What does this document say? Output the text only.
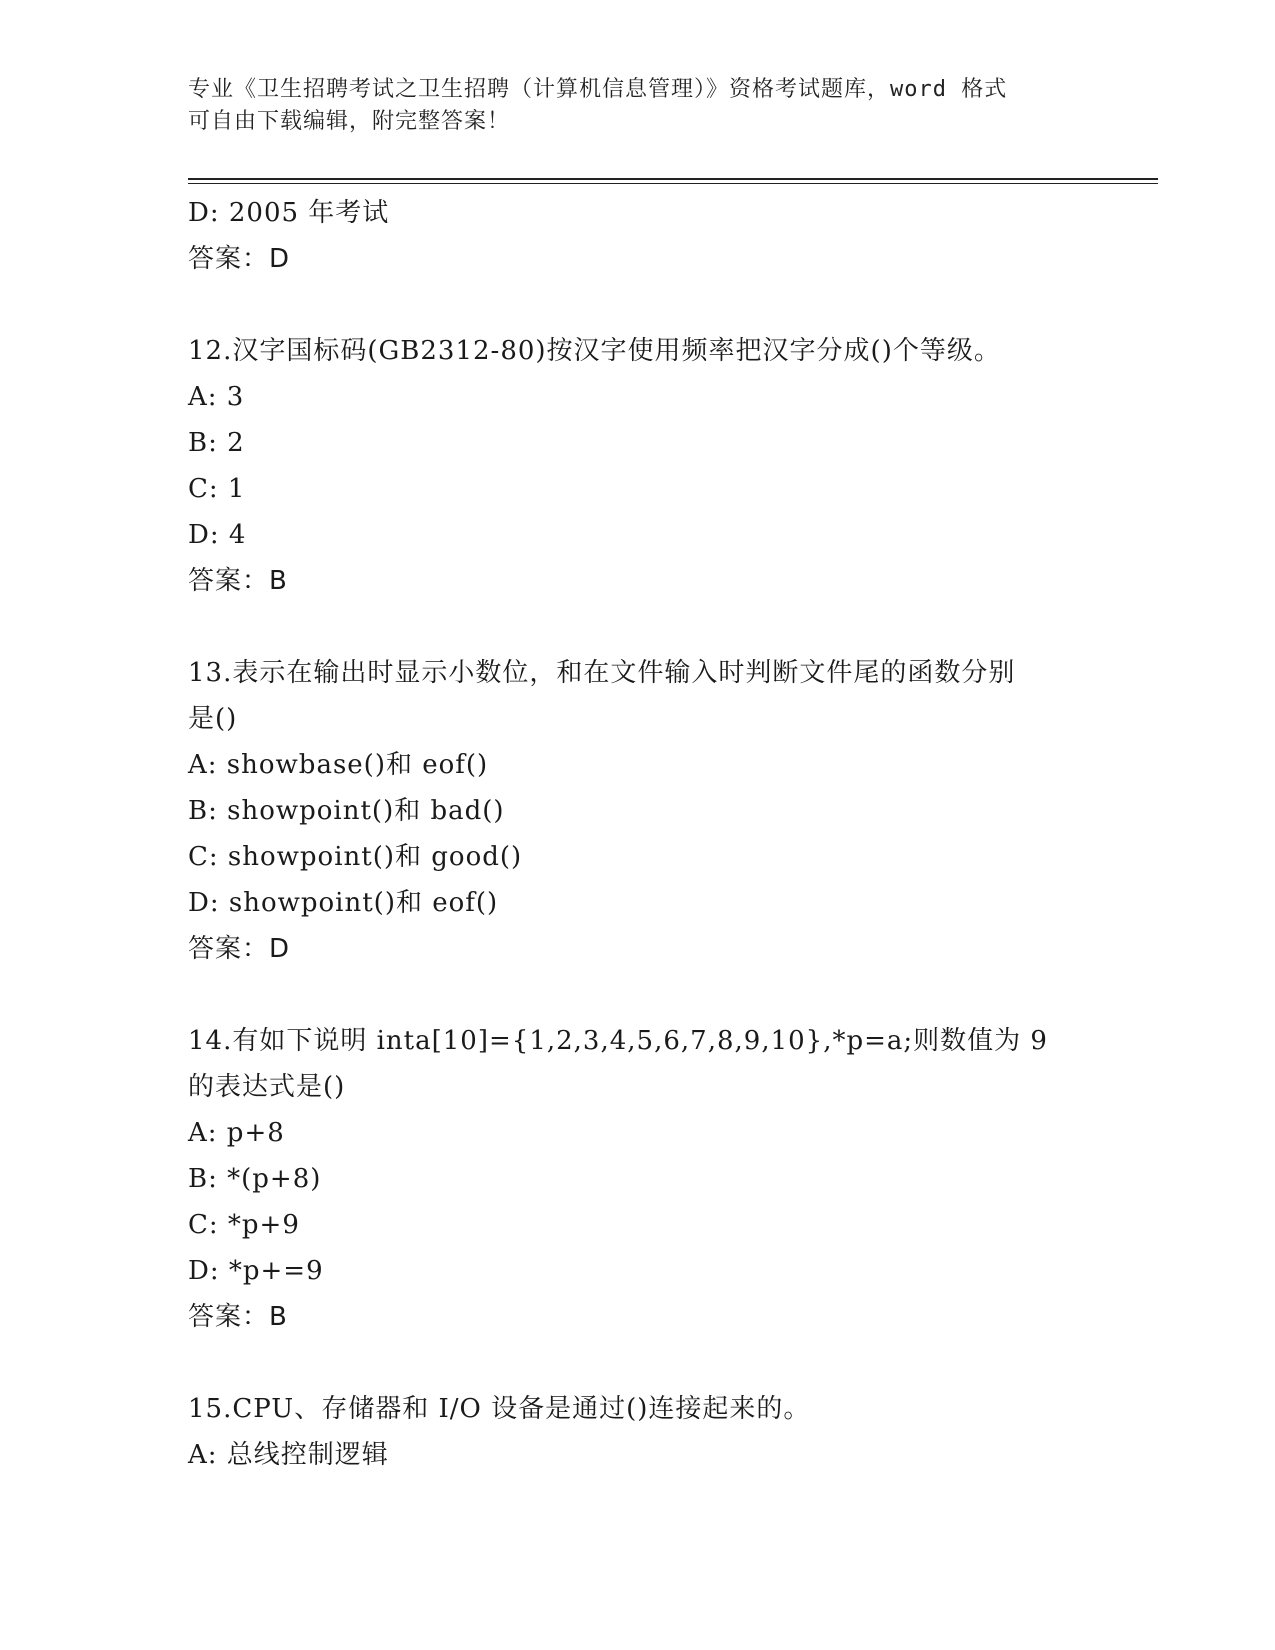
专业《卫生招聘考试之卫生招聘（计算机信息管理）》资格考试题库，word 格式
可自由下载编辑，附完整答案！
D: 2005 年考试
答案：D
12.汉字国标码(GB2312-80)按汉字使用频率把汉字分成()个等级。
A: 3
B: 2
C: 1
D: 4
答案：B
13.表示在输出时显示小数位，和在文件输入时判断文件尾的函数分别
是()
A: showbase()和 eof()
B: showpoint()和 bad()
C: showpoint()和 good()
D: showpoint()和 eof()
答案：D
14.有如下说明 inta[10]={1,2,3,4,5,6,7,8,9,10},*p=a;则数值为 9
的表达式是()
A: p+8
B: *(p+8)
C: *p+9
D: *p+=9
答案：B
15.CPU、存储器和 I/O 设备是通过()连接起来的。
A: 总线控制逻辑
